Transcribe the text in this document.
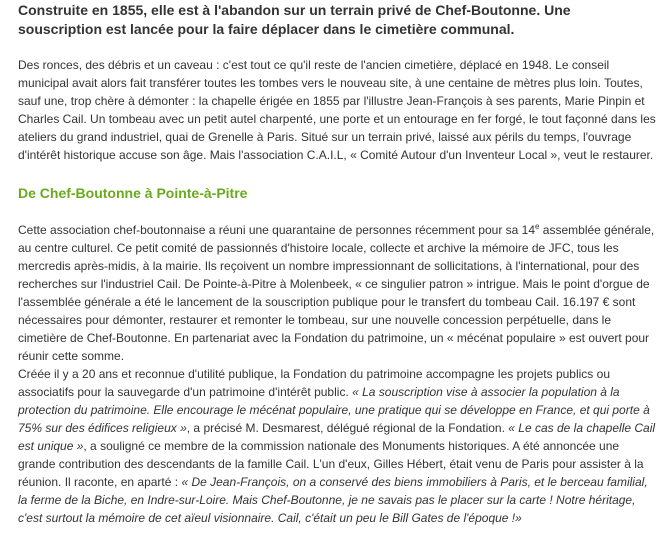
Construite en 1855, elle est à l'abandon sur un terrain privé de Chef-Boutonne. Une souscription est lancée pour la faire déplacer dans le cimetière communal.

Des ronces, des débris et un caveau : c'est tout ce qu'il reste de l'ancien cimetière, déplacé en 1948. Le conseil municipal avait alors fait transférer toutes les tombes vers le nouveau site, à une centaine de mètres plus loin. Toutes, sauf une, trop chère à démonter : la chapelle érigée en 1855 par l'illustre Jean-François à ses parents, Marie Pinpin et Charles Cail. Un tombeau avec un petit autel charpenté, une porte et un entourage en fer forgé, le tout façonné dans les ateliers du grand industriel, quai de Grenelle à Paris. Situé sur un terrain privé, laissé aux périls du temps, l'ouvrage d'intérêt historique accuse son âge. Mais l'association C.A.I.L, « Comité Autour d'un Inventeur Local », veut le restaurer.

De Chef-Boutonne à Pointe-à-Pitre

Cette association chef-boutonnaise a réuni une quarantaine de personnes récemment pour sa 14e assemblée générale, au centre culturel. Ce petit comité de passionnés d'histoire locale, collecte et archive la mémoire de JFC, tous les mercredis après-midis, à la mairie. Ils reçoivent un nombre impressionnant de sollicitations, à l'international, pour des recherches sur l'industriel Cail. De Pointe-à-Pitre à Molenbeek, « ce singulier patron » intrigue. Mais le point d'orgue de l'assemblée générale a été le lancement de la souscription publique pour le transfert du tombeau Cail. 16.197 € sont nécessaires pour démonter, restaurer et remonter le tombeau, sur une nouvelle concession perpétuelle, dans le cimetière de Chef-Boutonne. En partenariat avec la Fondation du patrimoine, un « mécénat populaire » est ouvert pour réunir cette somme.

Créée il y a 20 ans et reconnue d'utilité publique, la Fondation du patrimoine accompagne les projets publics ou associatifs pour la sauvegarde d'un patrimoine d'intérêt public. « La souscription vise à associer la population à la protection du patrimoine. Elle encourage le mécénat populaire, une pratique qui se développe en France, et qui porte à 75% sur des édifices religieux », a précisé M. Desmarest, délégué régional de la Fondation. « Le cas de la chapelle Cail est unique », a souligné ce membre de la commission nationale des Monuments historiques. A été annoncée une grande contribution des descendants de la famille Cail. L'un d'eux, Gilles Hébert, était venu de Paris pour assister à la réunion. Il raconte, en aparté : « De Jean-François, on a conservé des biens immobiliers à Paris, et le berceau familial, la ferme de la Biche, en Indre-sur-Loire. Mais Chef-Boutonne, je ne savais pas le placer sur la carte ! Notre héritage, c'est surtout la mémoire de cet aïeul visionnaire. Cail, c'était un peu le Bill Gates de l'époque !»
